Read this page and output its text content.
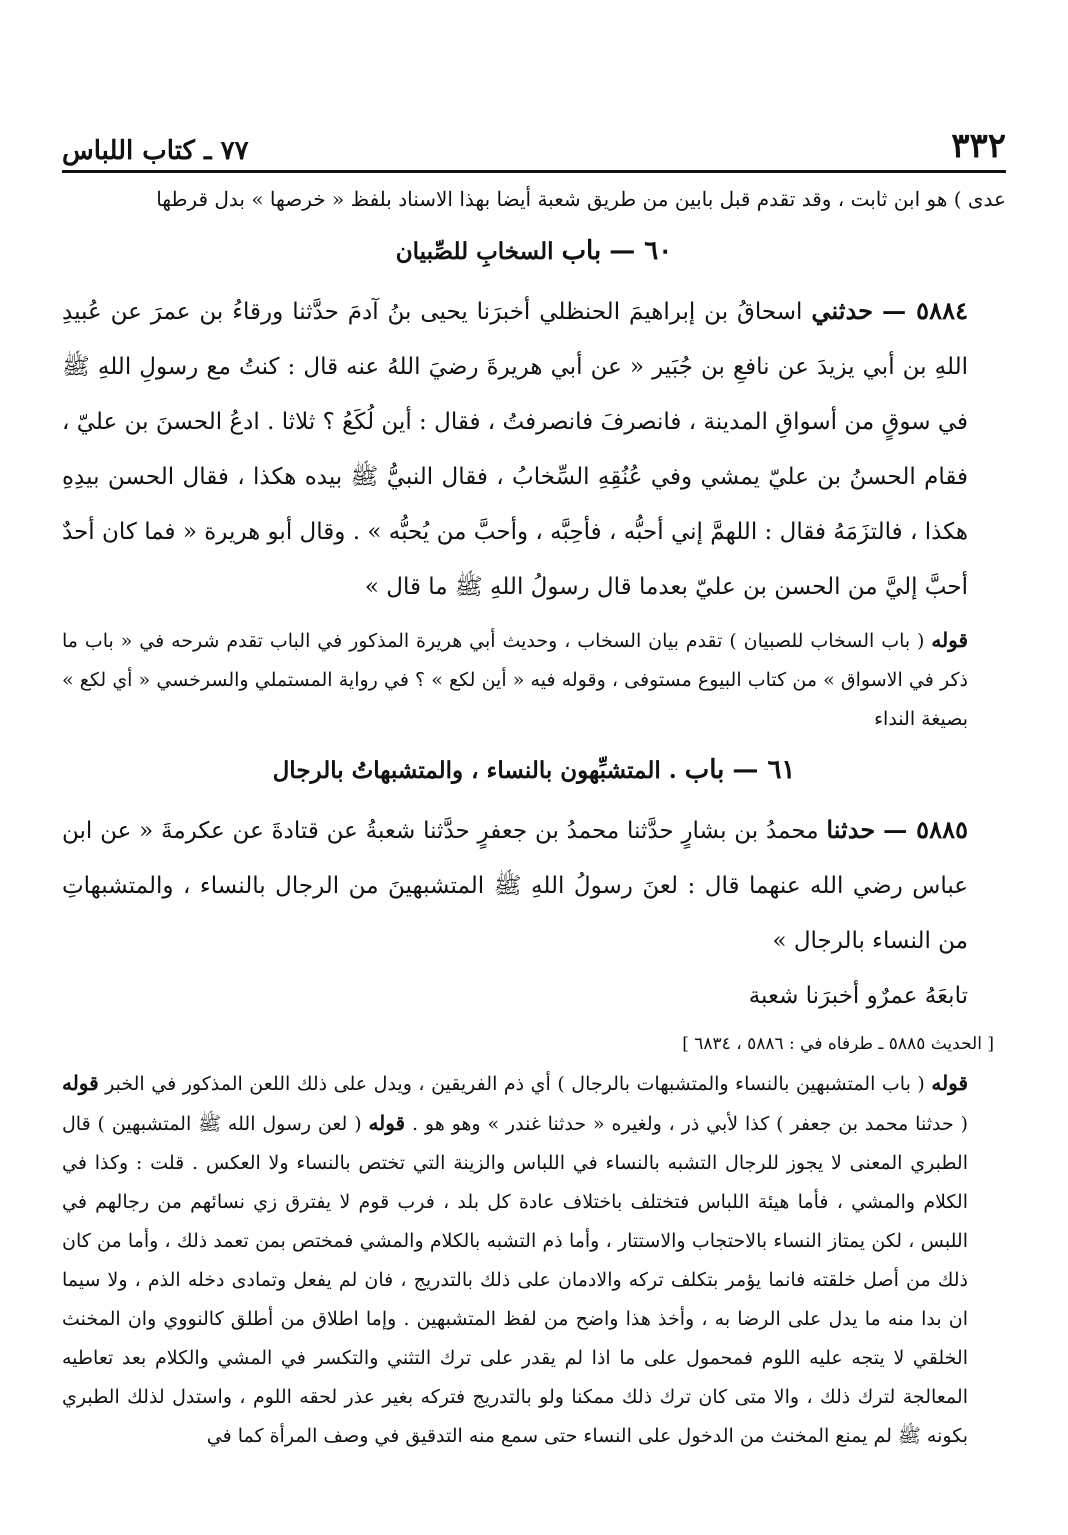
٧٧ ـ كتاب اللباس	٣٣٢

عدى ) هو ابن ثابت ، وقد تقدم قبل بابين من طريق شعبة أيضا بهذا الاسناد بلفظ « خرصها » بدل قرطها

٦٠ — باب السخابِ للصِّبيان

٥٨٨٤ — حدثني اسحاقُ بن إبراهيمَ الحنظلي أخبرَنا يحيى بنُ آدمَ حدَّثنا ورقاءُ بن عمرَ عن عُبيدِ اللهِ بن أبي يزيدَ عن نافعِ بن جُبَير « عن أبي هريرةَ رضيَ اللهُ عنه قال : كنتُ مع رسولِ اللهِ ﷺ في سوقٍ من أسواقِ المدينة ، فانصرفَ فانصرفتُ ، فقال : أين لُكَعُ ؟ ثلاثا . ادعُ الحسنَ بن عليّ ، فقام الحسنُ بن عليّ يمشي وفي عُنُقِهِ السِّخابُ ، فقال النبيُّ ﷺ بيده هكذا ، فقال الحسن بيدِهِ هكذا ، فالتزَمَهُ فقال : اللهمَّ إني أحبُّه ، فأحِبَّه ، وأحبَّ من يُحبُّه » . وقال أبو هريرة « فما كان أحدٌ أحبَّ إليَّ من الحسن بن عليّ بعدما قال رسولُ اللهِ ﷺ ما قال »

قوله ( باب السخاب للصبيان ) تقدم بيان السخاب ، وحديث أبي هريرة المذكور في الباب تقدم شرحه في « باب ما ذكر في الاسواق » من كتاب البيوع مستوفى ، وقوله فيه « أين لكع » ؟ في رواية المستملي والسرخسي « أي لكع » بصيغة النداء

٦١ — باب . المتشبِّهون بالنساء ، والمتشبهاتُ بالرجال

٥٨٨٥ — حدثنا محمدُ بن بشارٍ حدَّثنا محمدُ بن جعفرٍ حدَّثنا شعبةُ عن قتادةَ عن عكرمةَ « عن ابن عباس رضي الله عنهما قال : لعنَ رسولُ اللهِ ﷺ المتشبهينَ من الرجال بالنساء ، والمتشبهاتِ من النساء بالرجال »

تابعَهُ عمرٌو أخبرَنا شعبة

[ الحديث ٥٨٨٥ ـ طرفاه في : ٥٨٨٦ ، ٦٨٣٤ ]

قوله ( باب المتشبهين بالنساء والمتشبهات بالرجال ) أي ذم الفريقين ، ويدل على ذلك اللعن المذكور في الخبر قوله ( حدثنا محمد بن جعفر ) كذا لأبي ذر ، ولغيره « حدثنا غندر » وهو هو . قوله ( لعن رسول الله ﷺ المتشبهين ) قال الطبري المعنى لا يجوز للرجال التشبه بالنساء في اللباس والزينة التي تختص بالنساء ولا العكس . قلت : وكذا في الكلام والمشي ، فأما هيئة اللباس فتختلف باختلاف عادة كل بلد ، فرب قوم لا يفترق زي نسائهم من رجالهم في اللبس ، لكن يمتاز النساء بالاحتجاب والاستتار ، وأما ذم التشبه بالكلام والمشي فمختص بمن تعمد ذلك ، وأما من كان ذلك من أصل خلقته فانما يؤمر بتكلف تركه والادمان على ذلك بالتدريج ، فان لم يفعل وتمادى دخله الذم ، ولا سيما ان بدا منه ما يدل على الرضا به ، وأخذ هذا واضح من لفظ المتشبهين . وإما اطلاق من أطلق كالنووي وان المخنث الخلقي لا يتجه عليه اللوم فمحمول على ما اذا لم يقدر على ترك التثني والتكسر في المشي والكلام بعد تعاطيه المعالجة لترك ذلك ، والا متى كان ترك ذلك ممكنا ولو بالتدريج فتركه بغير عذر لحقه اللوم ، واستدل لذلك الطبري بكونه ﷺ لم يمنع المخنث من الدخول على النساء حتى سمع منه التدقيق في وصف المرأة كما في
